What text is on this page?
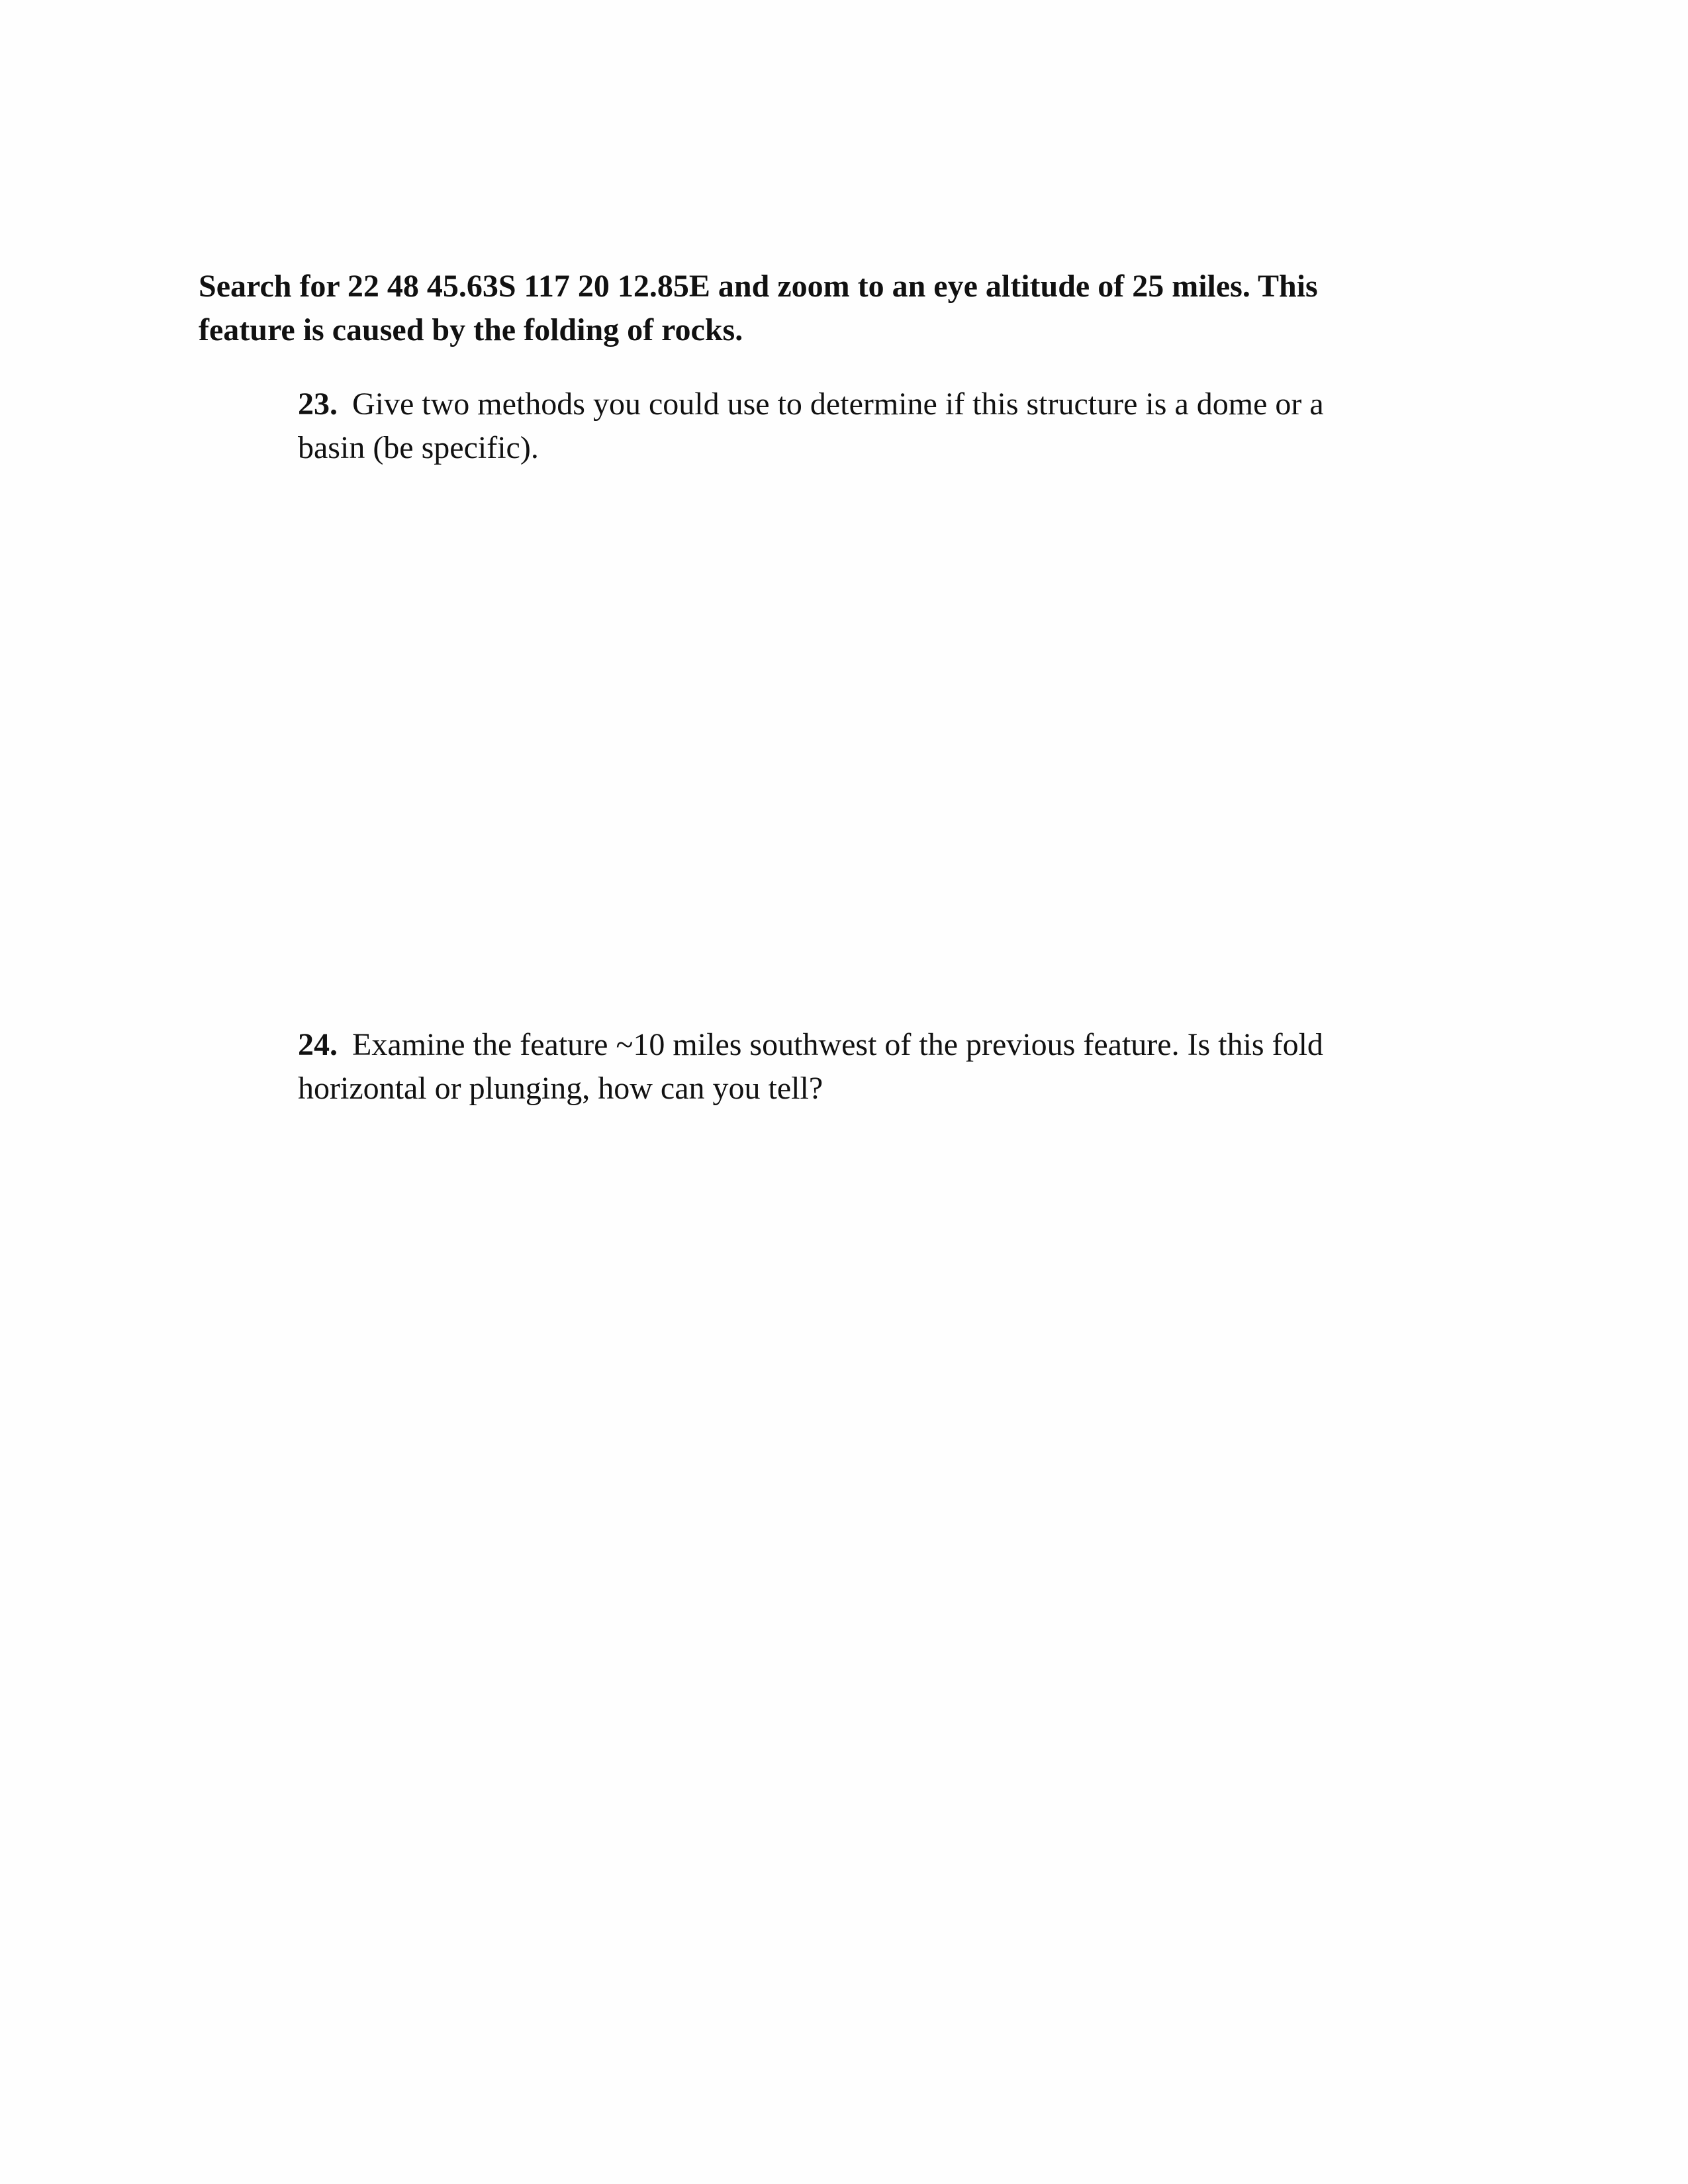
Search for 22 48 45.63S 117 20 12.85E and zoom to an eye altitude of 25 miles. This feature is caused by the folding of rocks.

23. Give two methods you could use to determine if this structure is a dome or a basin (be specific).

24. Examine the feature ~10 miles southwest of the previous feature. Is this fold horizontal or plunging, how can you tell?
